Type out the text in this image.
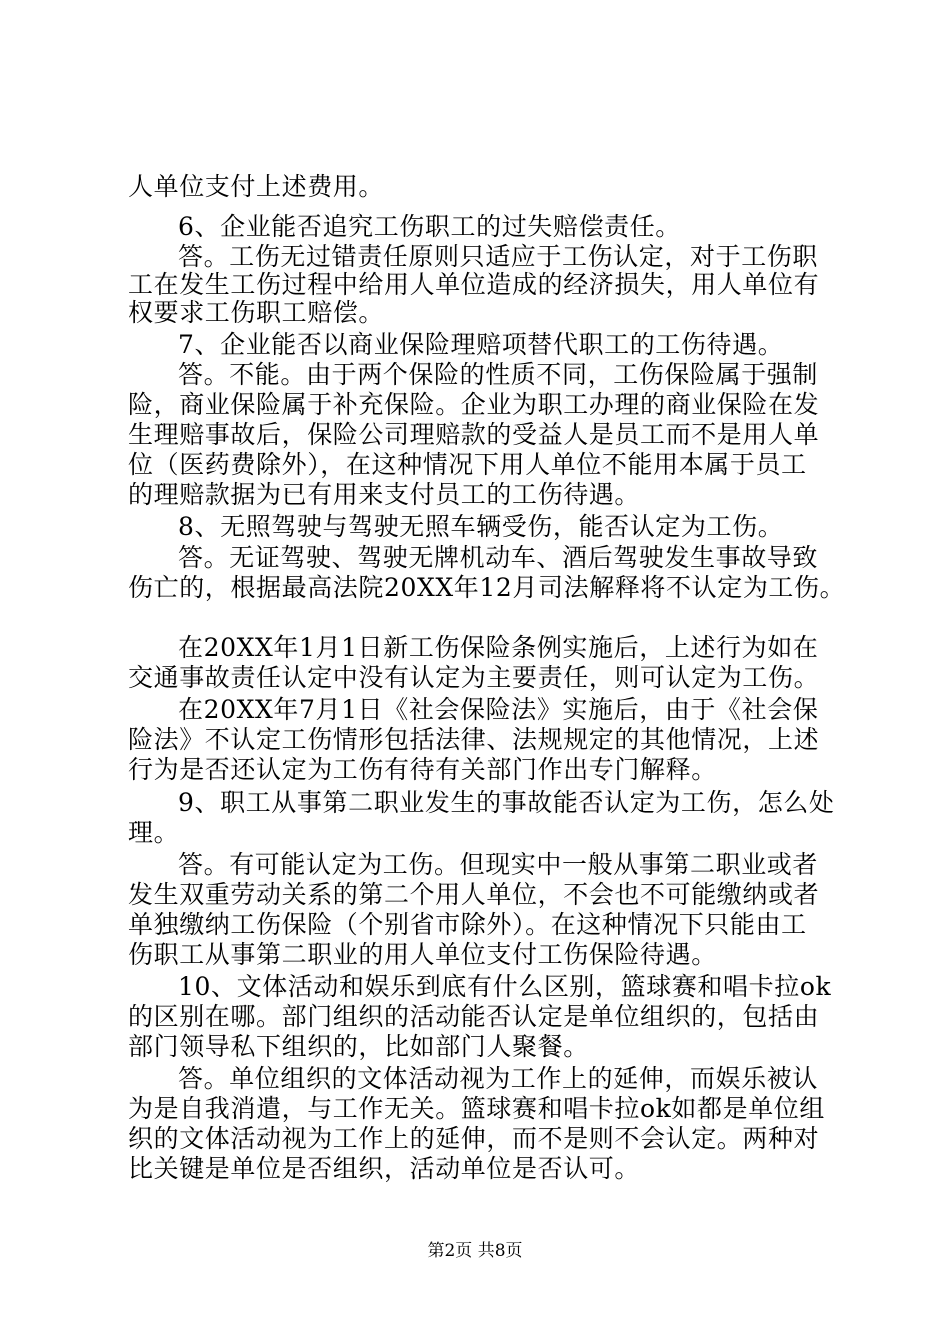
人单位支付上述费用。
6、企业能否追究工伤职工的过失赔偿责任。
答。工伤无过错责任原则只适应于工伤认定，对于工伤职
工在发生工伤过程中给用人单位造成的经济损失，用人单位有
权要求工伤职工赔偿。
7、企业能否以商业保险理赔项替代职工的工伤待遇。
答。不能。由于两个保险的性质不同，工伤保险属于强制
险，商业保险属于补充保险。企业为职工办理的商业保险在发
生理赔事故后，保险公司理赔款的受益人是员工而不是用人单
位（医药费除外），在这种情况下用人单位不能用本属于员工
的理赔款据为已有用来支付员工的工伤待遇。
8、无照驾驶与驾驶无照车辆受伤，能否认定为工伤。
答。无证驾驶、驾驶无牌机动车、酒后驾驶发生事故导致
伤亡的，根据最高法院20XX年12月司法解释将不认定为工伤。
在20XX年1月1日新工伤保险条例实施后，上述行为如在
交通事故责任认定中没有认定为主要责任，则可认定为工伤。
在20XX年7月1日《社会保险法》实施后，由于《社会保
险法》不认定工伤情形包括法律、法规规定的其他情况，上述
行为是否还认定为工伤有待有关部门作出专门解释。
9、职工从事第二职业发生的事故能否认定为工伤，怎么处
理。
答。有可能认定为工伤。但现实中一般从事第二职业或者
发生双重劳动关系的第二个用人单位，不会也不可能缴纳或者
单独缴纳工伤保险（个别省市除外）。在这种情况下只能由工
伤职工从事第二职业的用人单位支付工伤保险待遇。
10、文体活动和娱乐到底有什么区别，篮球赛和唱卡拉ok
的区别在哪。部门组织的活动能否认定是单位组织的，包括由
部门领导私下组织的，比如部门人聚餐。
答。单位组织的文体活动视为工作上的延伸，而娱乐被认
为是自我消遣，与工作无关。篮球赛和唱卡拉ok如都是单位组
织的文体活动视为工作上的延伸，而不是则不会认定。两种对
比关键是单位是否组织，活动单位是否认可。
第2页 共8页
